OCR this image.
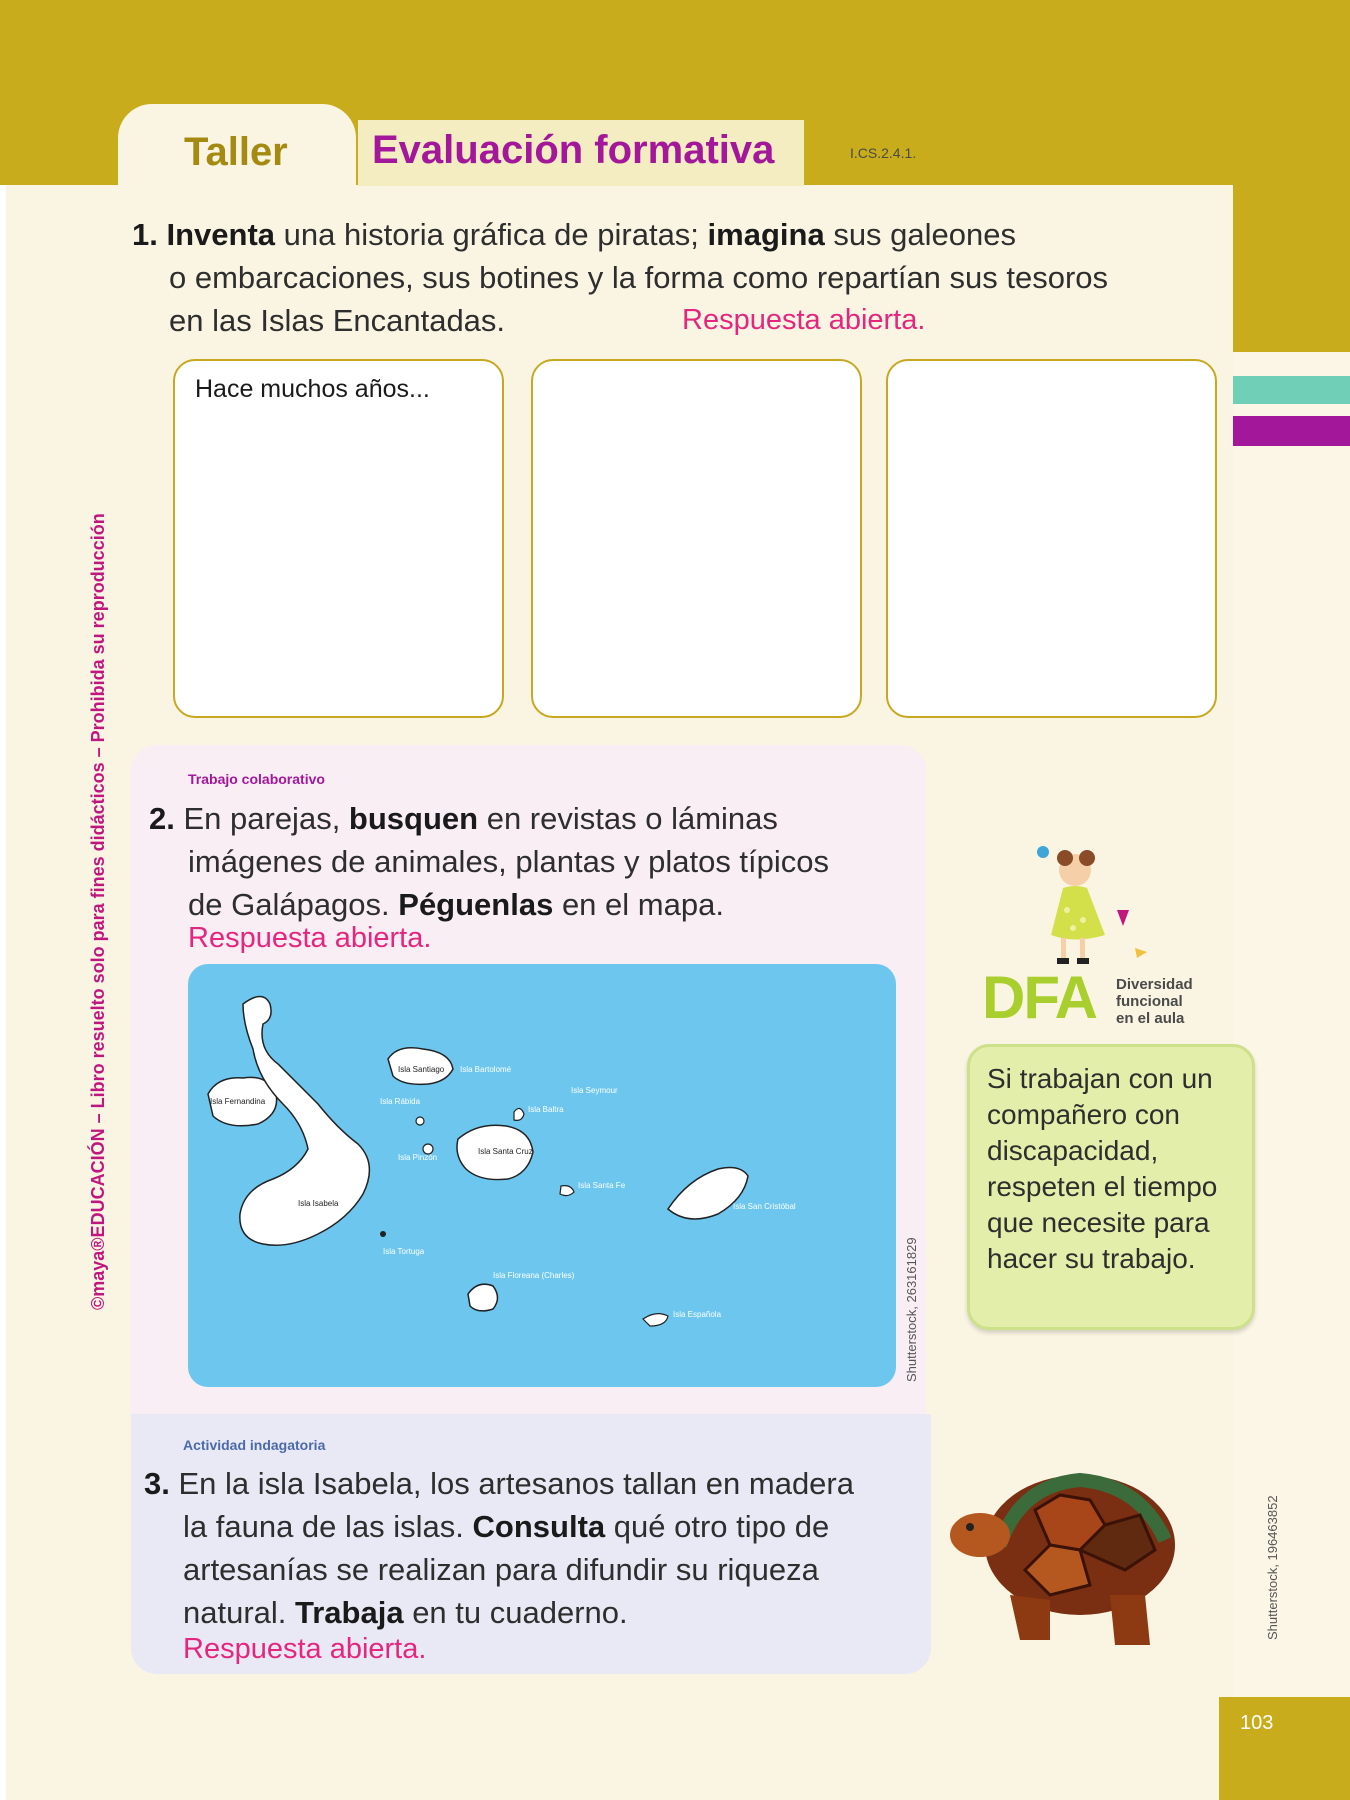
Taller Evaluación formativa	I.CS.2.4.1.
1. Inventa una historia gráfica de piratas; imagina sus galeones
o embarcaciones, sus botines y la forma como repartían sus tesoros
en las Islas Encantadas.	Respuesta abierta.
Hace muchos años...
Trabajo colaborativo
2. En parejas, busquen en revistas o láminas
imágenes de animales, plantas y platos típicos
de Galápagos. Péguenlas en el mapa.
Respuesta abierta.
Isla Fernandina
Isla Isabela
Isla Santiago Isla Bartolomé
Isla Rábida
Isla Seymour
Isla Baltra
Isla Pinzón
Isla Santa Cruz
Isla Santa Fe
Isla San Cristóbal
Isla Tortuga
Isla Floreana (Charles)
Isla Española	Shutterstock, 263161829
©maya®EDUCACIÓN – Libro resuelto solo para fines didácticos – Prohibida su reproducción	DFA Diversidad
funcional
en el aula
Si trabajan con un compañero con discapacidad, respeten el tiempo que necesite para hacer su trabajo.
Actividad indagatoria
3. En la isla Isabela, los artesanos tallan en madera
la fauna de las islas. Consulta qué otro tipo de
artesanías se realizan para difundir su riqueza
natural. Trabaja en tu cuaderno.
Respuesta abierta.
Shutterstock, 196463852
103
